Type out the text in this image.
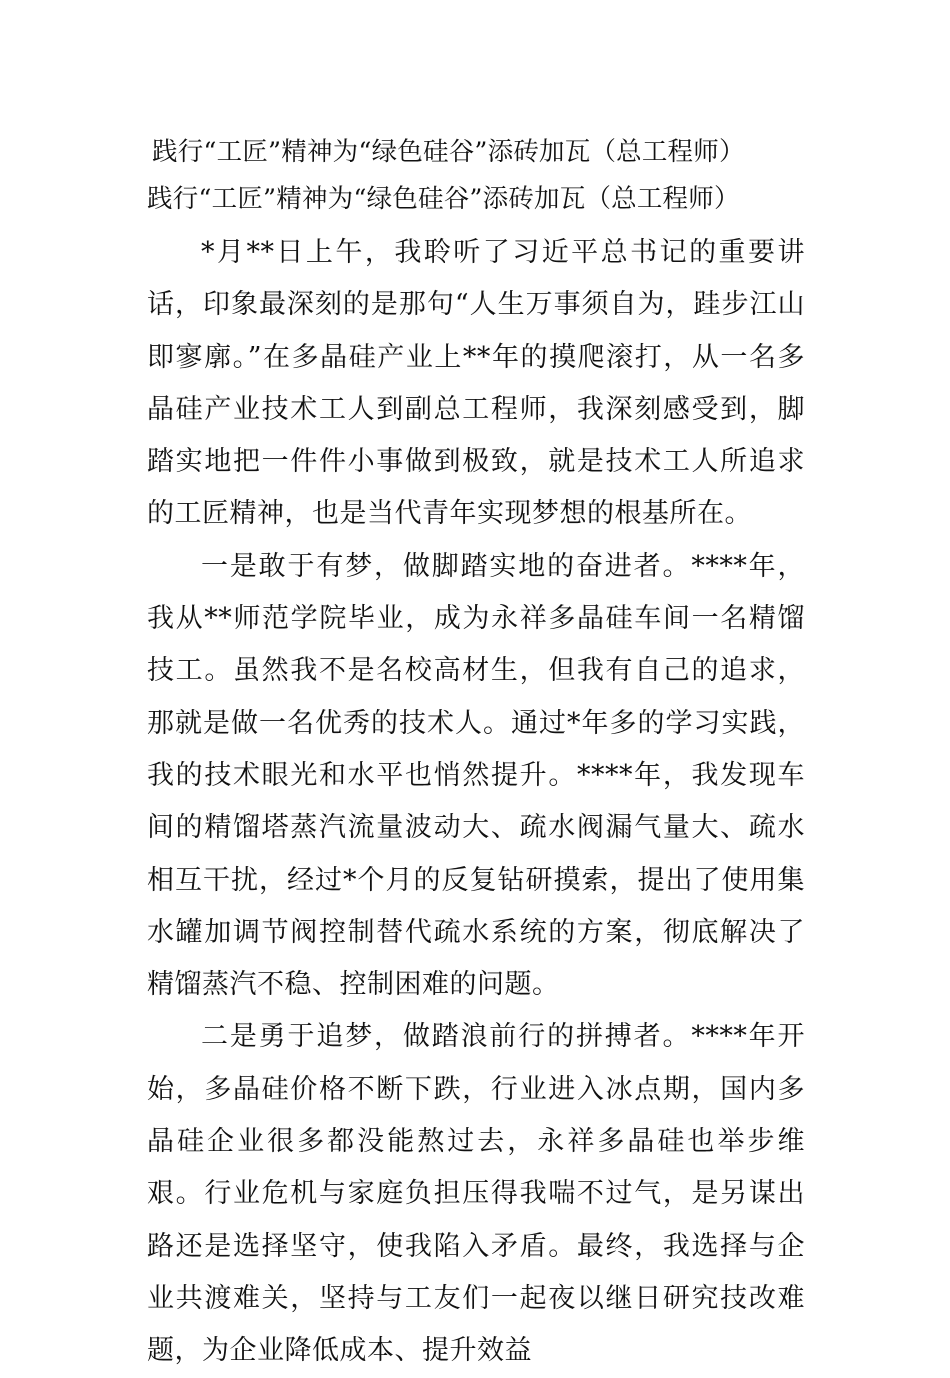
践行“工匠”精神为“绿色硅谷”添砖加瓦（总工程师）
践行“工匠”精神为“绿色硅谷”添砖加瓦（总工程师）

*月**日上午，我聆听了习近平总书记的重要讲话，印象最深刻的是那句“人生万事须自为，跬步江山即寥廓。”在多晶硅产业上**年的摸爬滚打，从一名多晶硅产业技术工人到副总工程师，我深刻感受到，脚踏实地把一件件小事做到极致，就是技术工人所追求的工匠精神，也是当代青年实现梦想的根基所在。

一是敢于有梦，做脚踏实地的奋进者。****年，我从**师范学院毕业，成为永祥多晶硅车间一名精馏技工。虽然我不是名校高材生，但我有自己的追求，那就是做一名优秀的技术人。通过*年多的学习实践，我的技术眼光和水平也悄然提升。****年，我发现车间的精馏塔蒸汽流量波动大、疏水阀漏气量大、疏水相互干扰，经过*个月的反复钻研摸索，提出了使用集水罐加调节阀控制替代疏水系统的方案，彻底解决了精馏蒸汽不稳、控制困难的问题。

二是勇于追梦，做踏浪前行的拼搏者。****年开始，多晶硅价格不断下跌，行业进入冰点期，国内多晶硅企业很多都没能熬过去，永祥多晶硅也举步维艰。行业危机与家庭负担压得我喘不过气，是另谋出路还是选择坚守，使我陷入矛盾。最终，我选择与企业共渡难关，坚持与工友们一起夜以继日研究技改难题，为企业降低成本、提升效益
